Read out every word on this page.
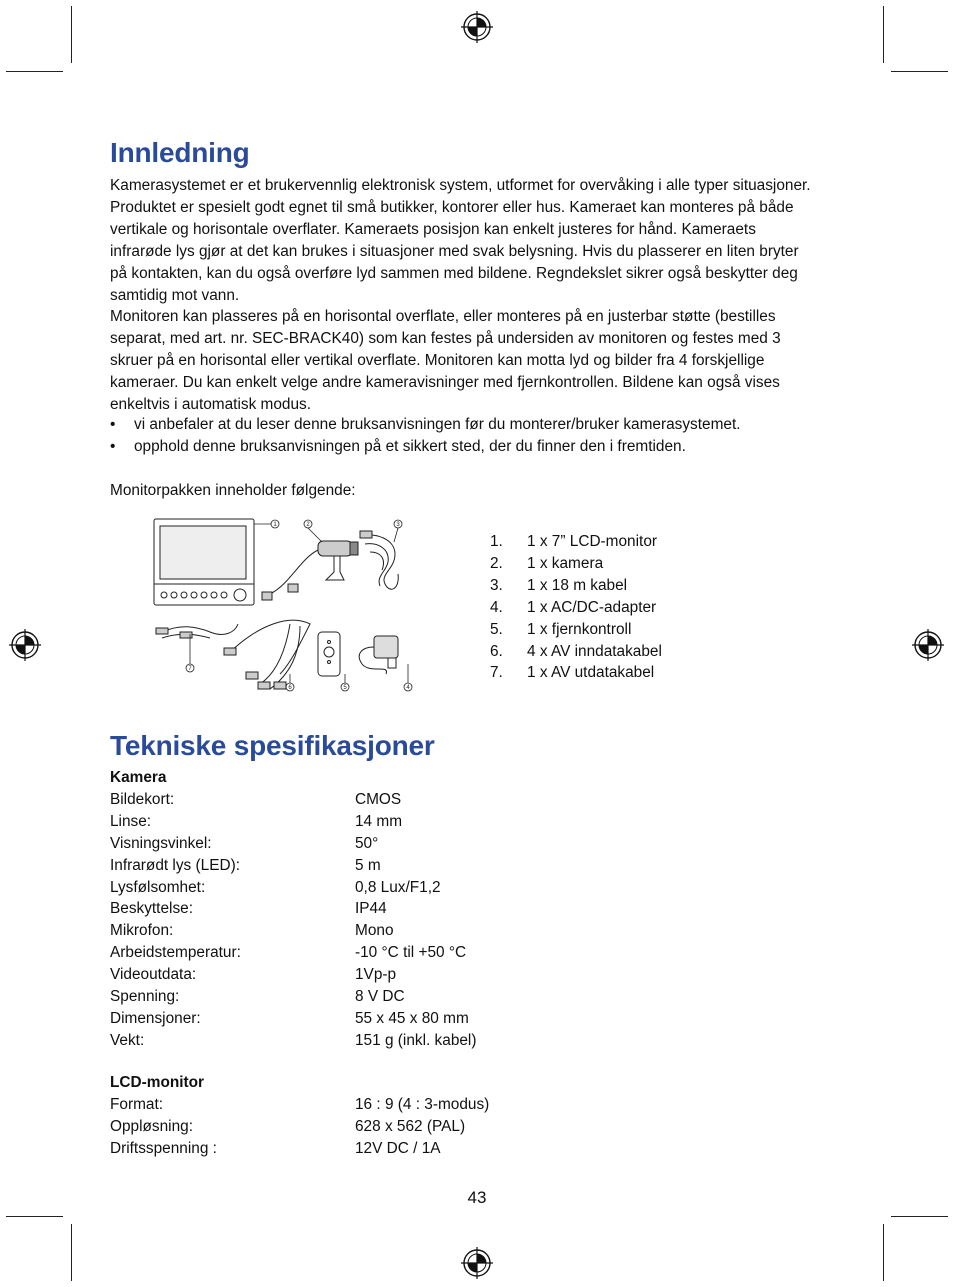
Innledning
Kamerasystemet er et brukervennlig elektronisk system, utformet for overvåking i alle typer situasjoner.
Produktet er spesielt godt egnet til små butikker, kontorer eller hus. Kameraet kan monteres på både
vertikale og horisontale overflater. Kameraets posisjon kan enkelt justeres for hånd. Kameraets
infrarøde lys gjør at det kan brukes i situasjoner med svak belysning. Hvis du plasserer en liten bryter
på kontakten, kan du også overføre lyd sammen med bildene. Regndekslet sikrer også beskytter deg
samtidig mot vann.
Monitoren kan plasseres på en horisontal overflate, eller monteres på en justerbar støtte (bestilles
separat, med art. nr. SEC-BRACK40) som kan festes på undersiden av monitoren og festes med 3
skruer på en horisontal eller vertikal overflate. Monitoren kan motta lyd og bilder fra 4 forskjellige
kameraer. Du kan enkelt velge andre kameravisninger med fjernkontrollen. Bildene kan også vises
enkeltvis i automatisk modus.
• vi anbefaler at du leser denne bruksanvisningen før du monterer/bruker kamerasystemet.
• opphold denne bruksanvisningen på et sikkert sted, der du finner den i fremtiden.
Monitorpakken inneholder følgende:
1	2	3
4
5
6
7
1.	1 x 7” LCD-monitor
2.	1 x kamera
3.	1 x 18 m kabel
4.	1 x AC/DC-adapter
5.	1 x fjernkontroll
6.	4 x AV inndatakabel
7.	1 x AV utdatakabel
Tekniske spesifikasjoner
Kamera
Bildekort:	CMOS
Linse:	14 mm
Visningsvinkel:	50°
Infrarødt lys (LED):	5 m
Lysfølsomhet:	0,8 Lux/F1,2
Beskyttelse:	IP44
Mikrofon:	Mono
Arbeidstemperatur:	-10 °C til +50 °C
Videoutdata:	1Vp-p
Spenning:	8 V DC
Dimensjoner:	55 x 45 x 80 mm
Vekt:	151 g (inkl. kabel)
LCD-monitor
Format:	16 : 9 (4 : 3-modus)
Oppløsning:	628 x 562 (PAL)
Driftsspenning :	12V DC / 1A
43
